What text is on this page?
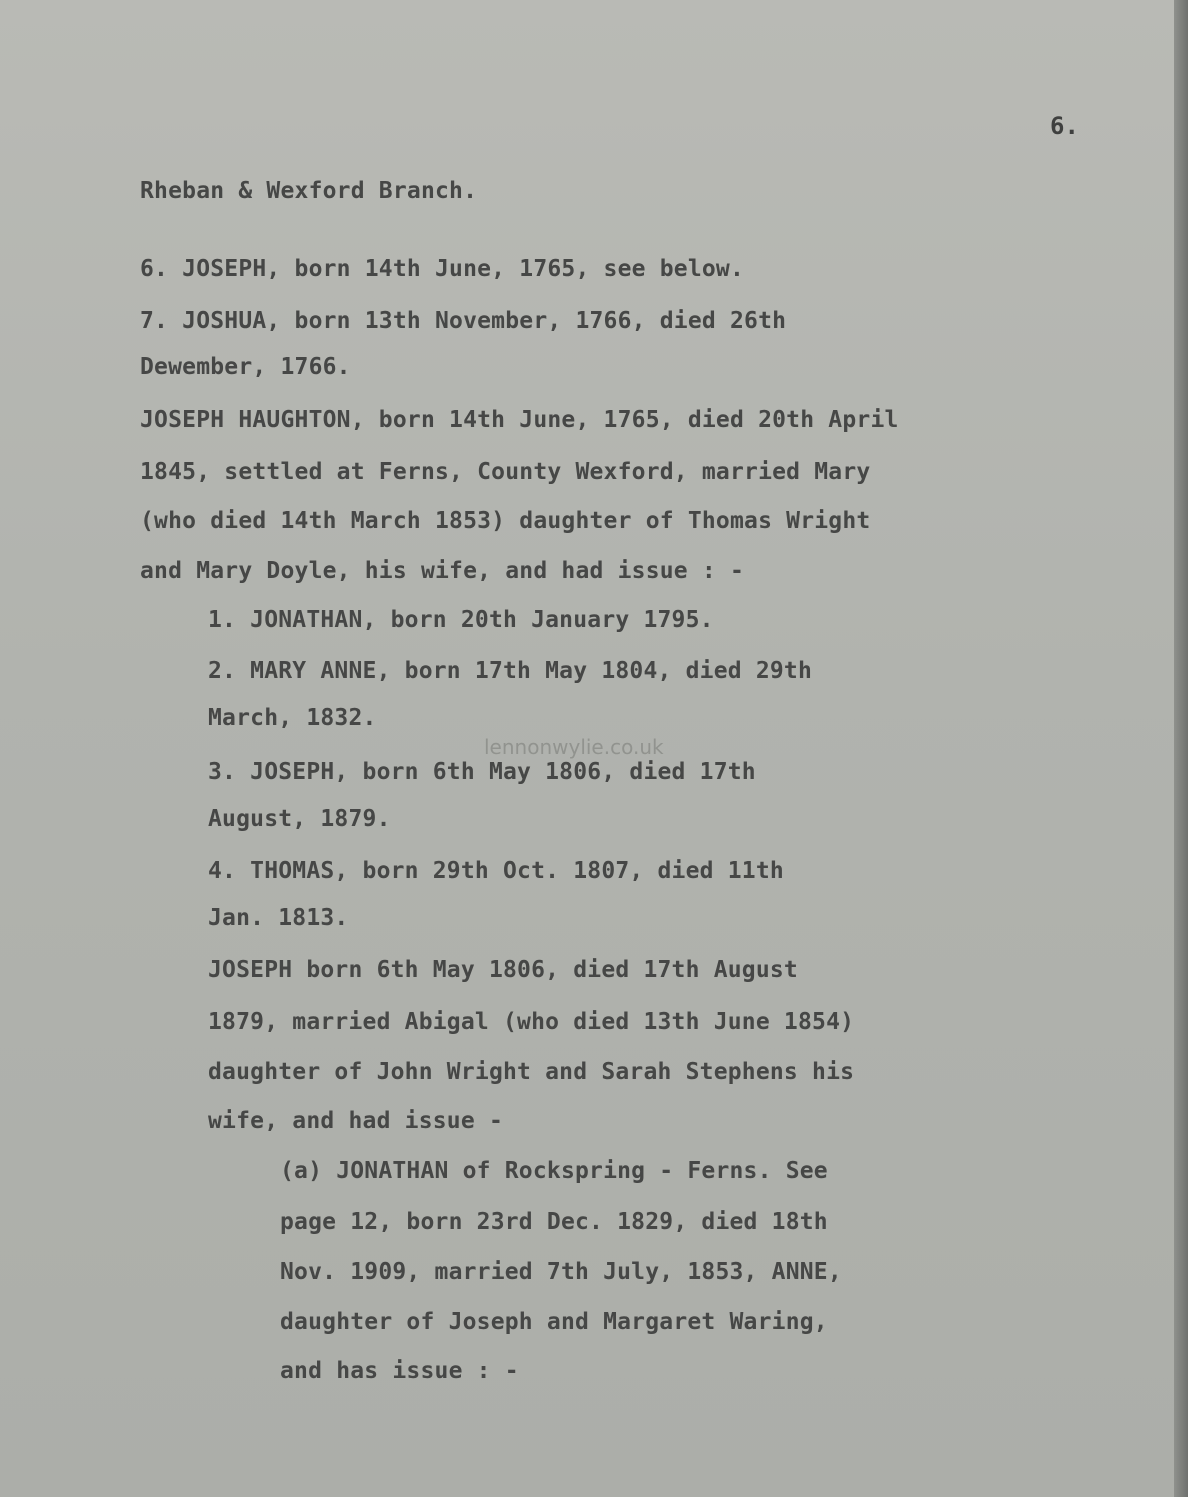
6.
lennonwylie.co.uk
Rheban & Wexford Branch.
6. JOSEPH, born 14th June, 1765, see below.
7. JOSHUA, born 13th November, 1766, died 26th
Dewember, 1766.
JOSEPH HAUGHTON, born 14th June, 1765, died 20th April
1845, settled at Ferns, County Wexford, married Mary
(who died 14th March 1853) daughter of Thomas Wright
and Mary Doyle, his wife, and had issue : -
1. JONATHAN, born 20th January 1795.
2. MARY ANNE, born 17th May 1804, died 29th
March, 1832.
3. JOSEPH, born 6th May 1806, died 17th
August, 1879.
4. THOMAS, born 29th Oct. 1807, died 11th
Jan. 1813.
JOSEPH born 6th May 1806, died 17th August
1879, married Abigal (who died 13th June 1854)
daughter of John Wright and Sarah Stephens his
wife, and had issue -
(a) JONATHAN of Rockspring - Ferns. See
page 12, born 23rd Dec. 1829, died 18th
Nov. 1909, married 7th July, 1853, ANNE,
daughter of Joseph and Margaret Waring,
and has issue : -
